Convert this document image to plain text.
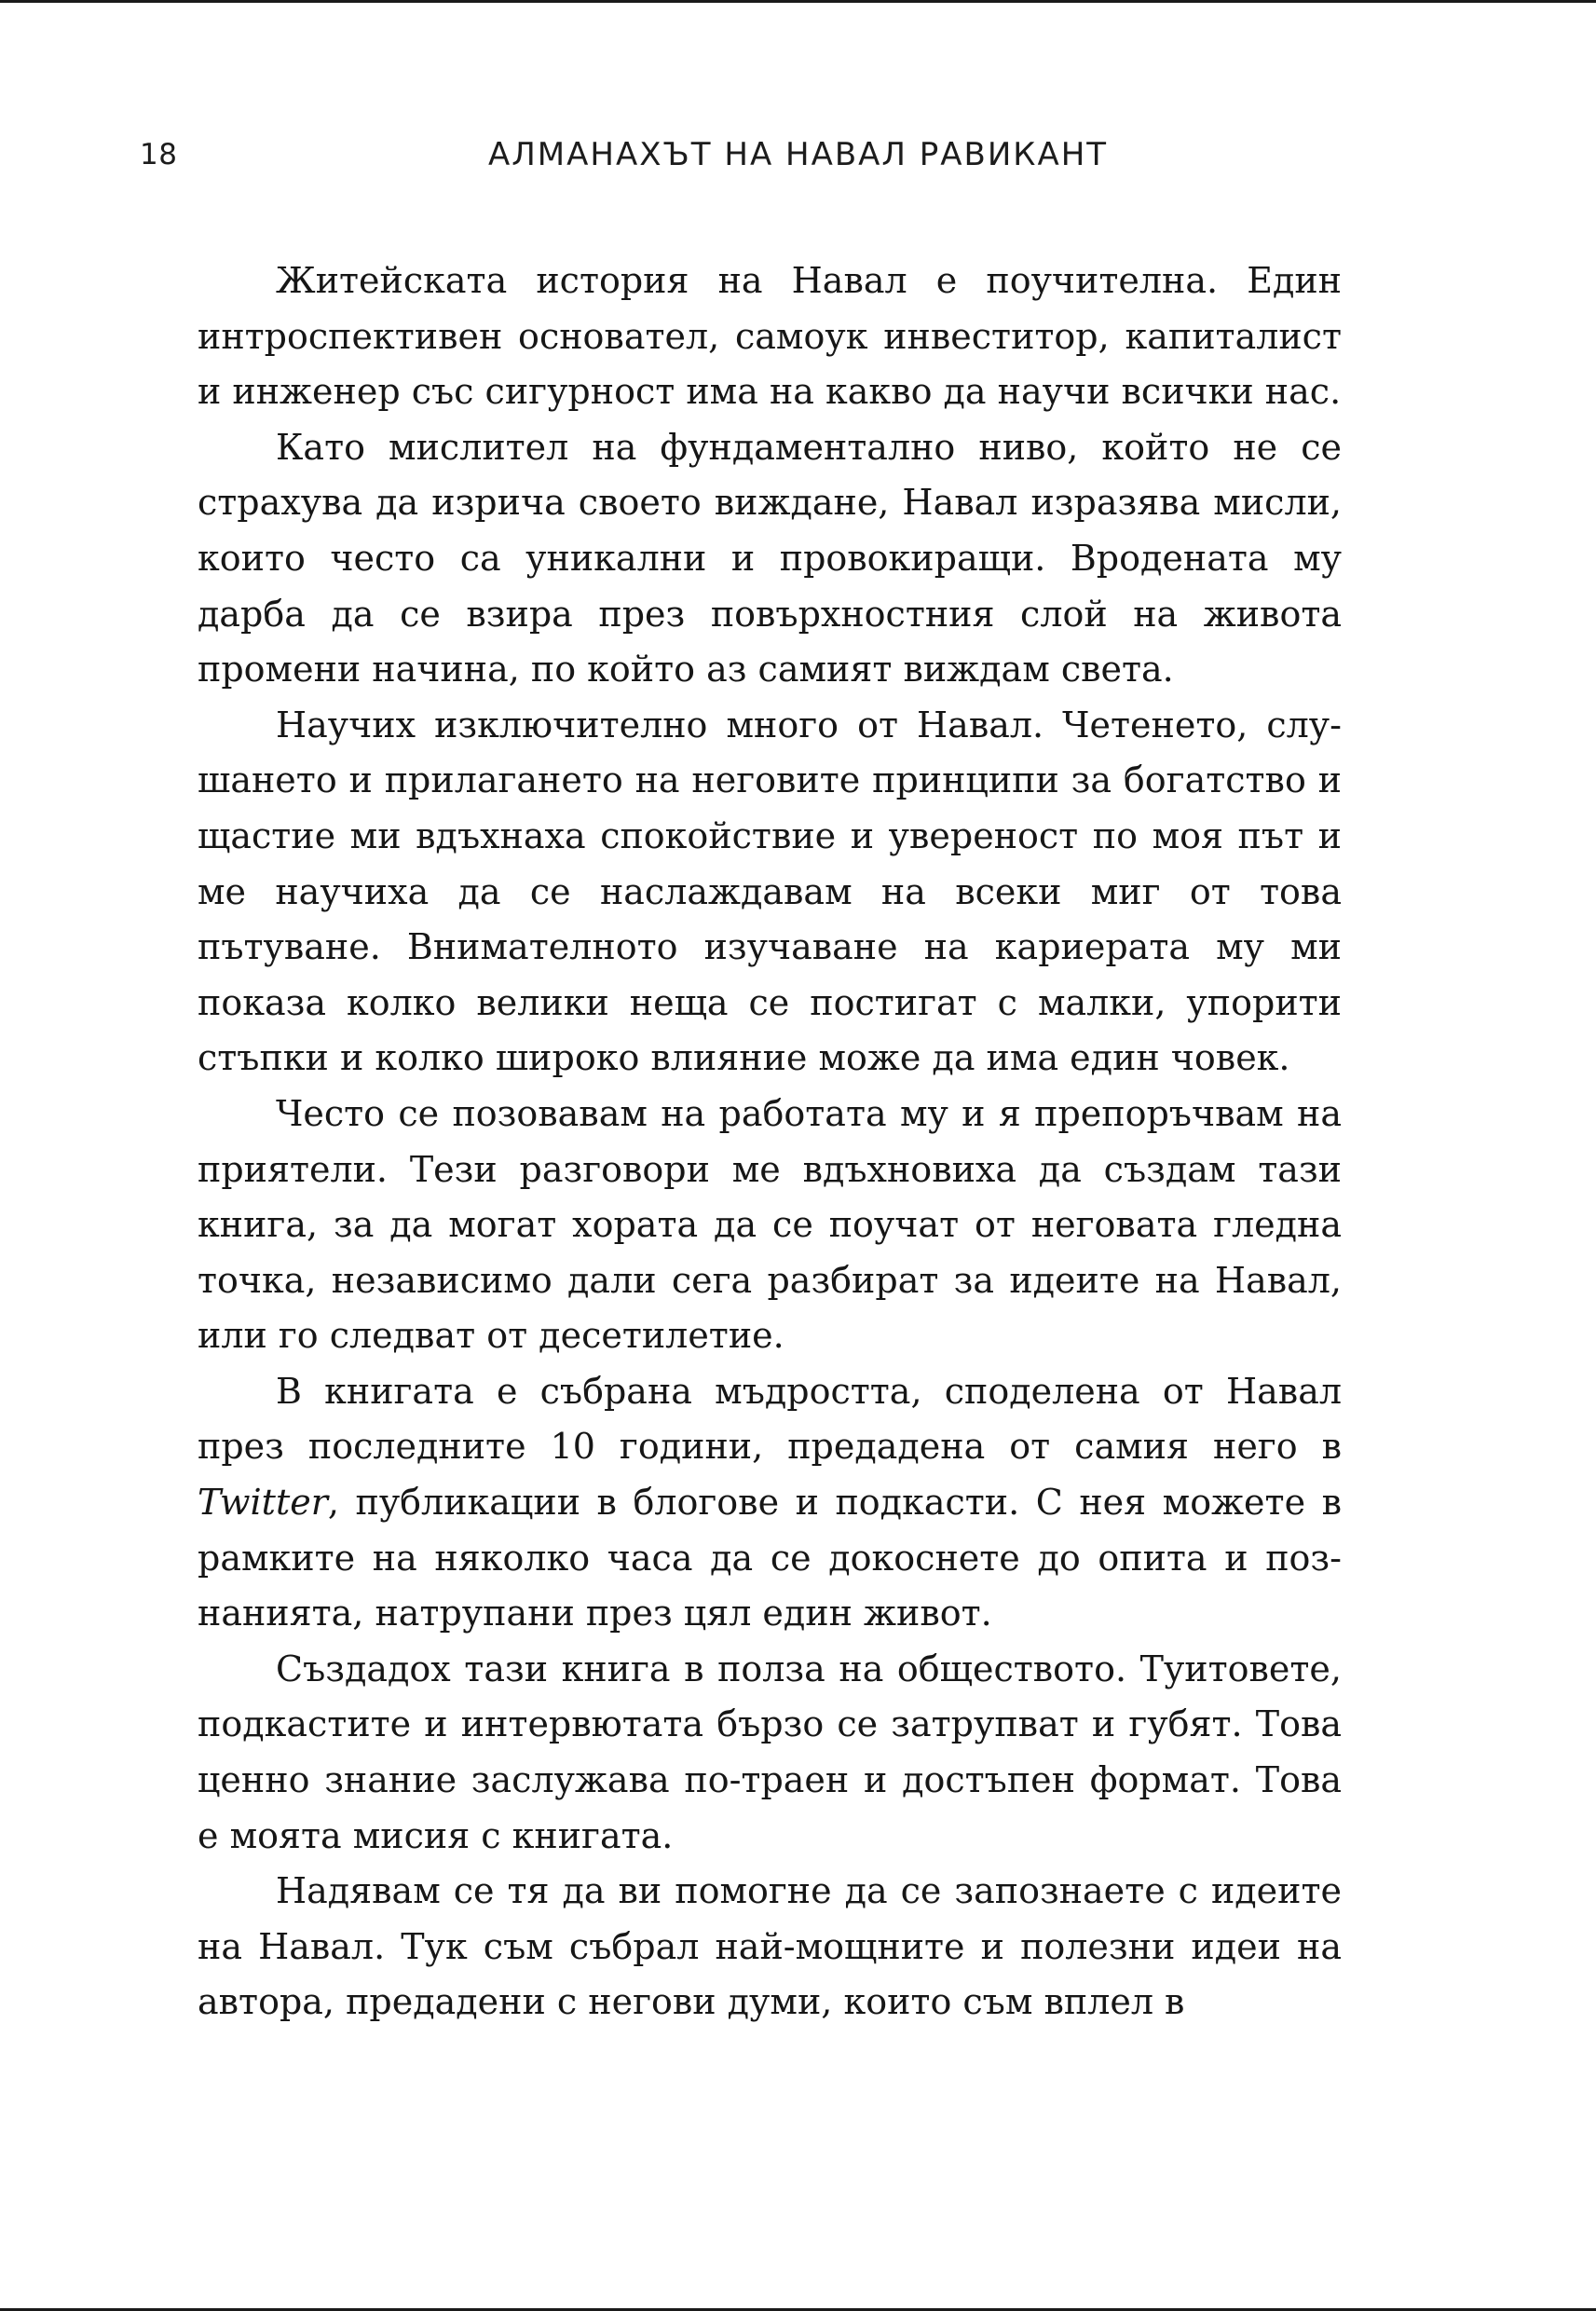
18	АЛМАНАХЪТ НА НАВАЛ РАВИКАНТ

Житейската история на Навал е поучителна. Един интроспективен основател, самоук инвеститор, капиталист и инженер със сигурност има на какво да научи всички нас.

Като мислител на фундаментално ниво, който не се страхува да изрича своето виждане, Навал изразява мисли, които често са уникални и провокиращи. Вродената му дарба да се взира през повърхностния слой на живота промени начина, по който аз самият виждам света.

Научих изключително много от Навал. Четенето, слушането и прилагането на неговите принципи за богатство и щастие ми вдъхнаха спокойствие и увереност по моя път и ме научиха да се наслаждавам на всеки миг от това пътуване. Внимателното изучаване на кариерата му ми показа колко велики неща се постигат с малки, упорити стъпки и колко широко влияние може да има един човек.

Често се позовавам на работата му и я препоръчвам на приятели. Тези разговори ме вдъхновиха да създам тази книга, за да могат хората да се поучат от неговата гледна точка, независимо дали сега разбират за идеите на Навал, или го следват от десетилетие.

В книгата е събрана мъдростта, споделена от Навал през последните 10 години, предадена от самия него в Twitter, публикации в блогове и подкасти. С нея можете в рамките на няколко часа да се докоснете до опита и познанията, натрупани през цял един живот.

Създадох тази книга в полза на обществото. Туитовете, подкастите и интервютата бързо се затрупват и губят. Това ценно знание заслужава по-траен и достъпен формат. Това е моята мисия с книгата.

Надявам се тя да ви помогне да се запознаете с идеите на Навал. Тук съм събрал най-мощните и полезни идеи на автора, предадени с негови думи, които съм вплел в
